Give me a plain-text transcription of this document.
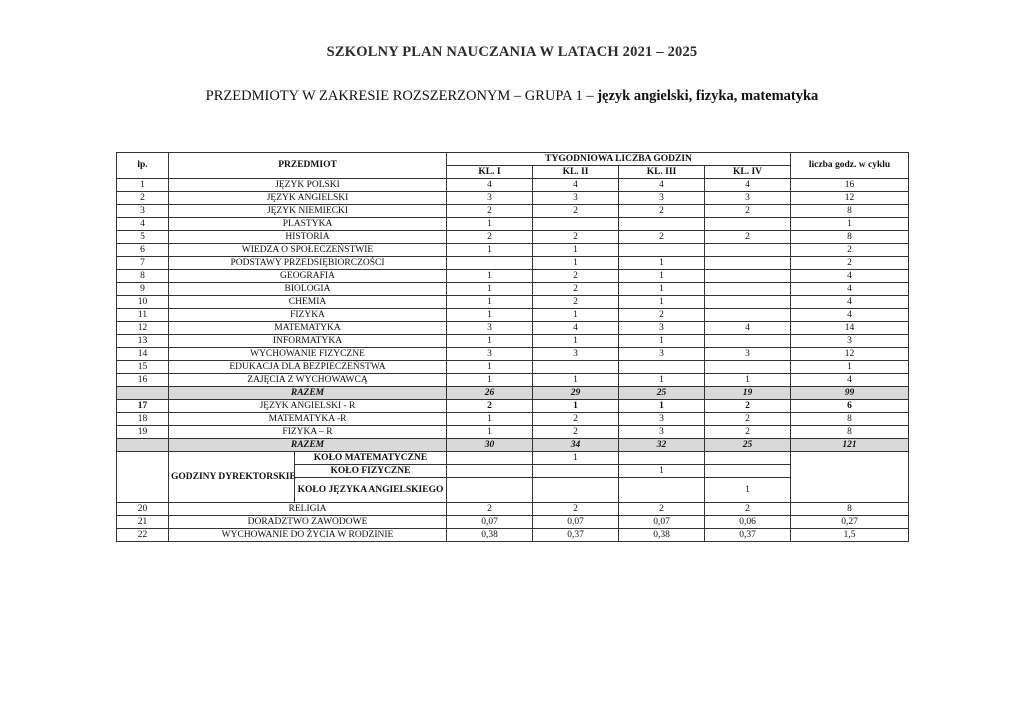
SZKOLNY PLAN NAUCZANIA W LATACH 2021 – 2025
PRZEDMIOTY W ZAKRESIE ROZSZERZONYM – GRUPA 1 – język angielski, fizyka, matematyka
lp.	PRZEDMIOT		TYGODNIOWA LICZBA GODZIN				liczba godz. w cyklu
			KL. I	KL. II	KL. III	KL. IV	
1	JĘZYK POLSKI		4	4	4	4	16
2	JĘZYK ANGIELSKI		3	3	3	3	12
3	JĘZYK NIEMIECKI		2	2	2	2	8
4	PLASTYKA		1				1
5	HISTORIA		2	2	2	2	8
6	WIEDZA O SPOŁECZEŃSTWIE		1	1			2
7	PODSTAWY PRZEDSIĘBIORCZOŚCI			1	1		2
8	GEOGRAFIA		1	2	1		4
9	BIOLOGIA		1	2	1		4
10	CHEMIA		1	2	1		4
11	FIZYKA		1	1	2		4
12	MATEMATYKA		3	4	3	4	14
13	INFORMATYKA		1	1	1		3
14	WYCHOWANIE FIZYCZNE		3	3	3	3	12
15	EDUKACJA DLA BEZPIECZEŃSTWA		1				1
16	ZAJĘCIA Z WYCHOWAWCĄ		1	1	1	1	4
	RAZEM		26	29	25	19	99
17	JĘZYK ANGIELSKI - R		2	1	1	2	6
18	MATEMATYKA -R		1	2	3	2	8
19	FIZYKA – R		1	2	3	2	8
	RAZEM		30	34	32	25	121
	GODZINY DYREKTORSKIE	KOŁO MATEMATYCZNE		1			
		KOŁO FIZYCZNE			1		
		KOŁO JĘZYKA ANGIELSKIEGO				1	
20	RELIGIA		2	2	2	2	8
21	DORADZTWO ZAWODOWE		0,07	0,07	0,07	0,06	0,27
22	WYCHOWANIE DO ŻYCIA W RODZINIE		0,38	0,37	0,38	0,37	1,5
